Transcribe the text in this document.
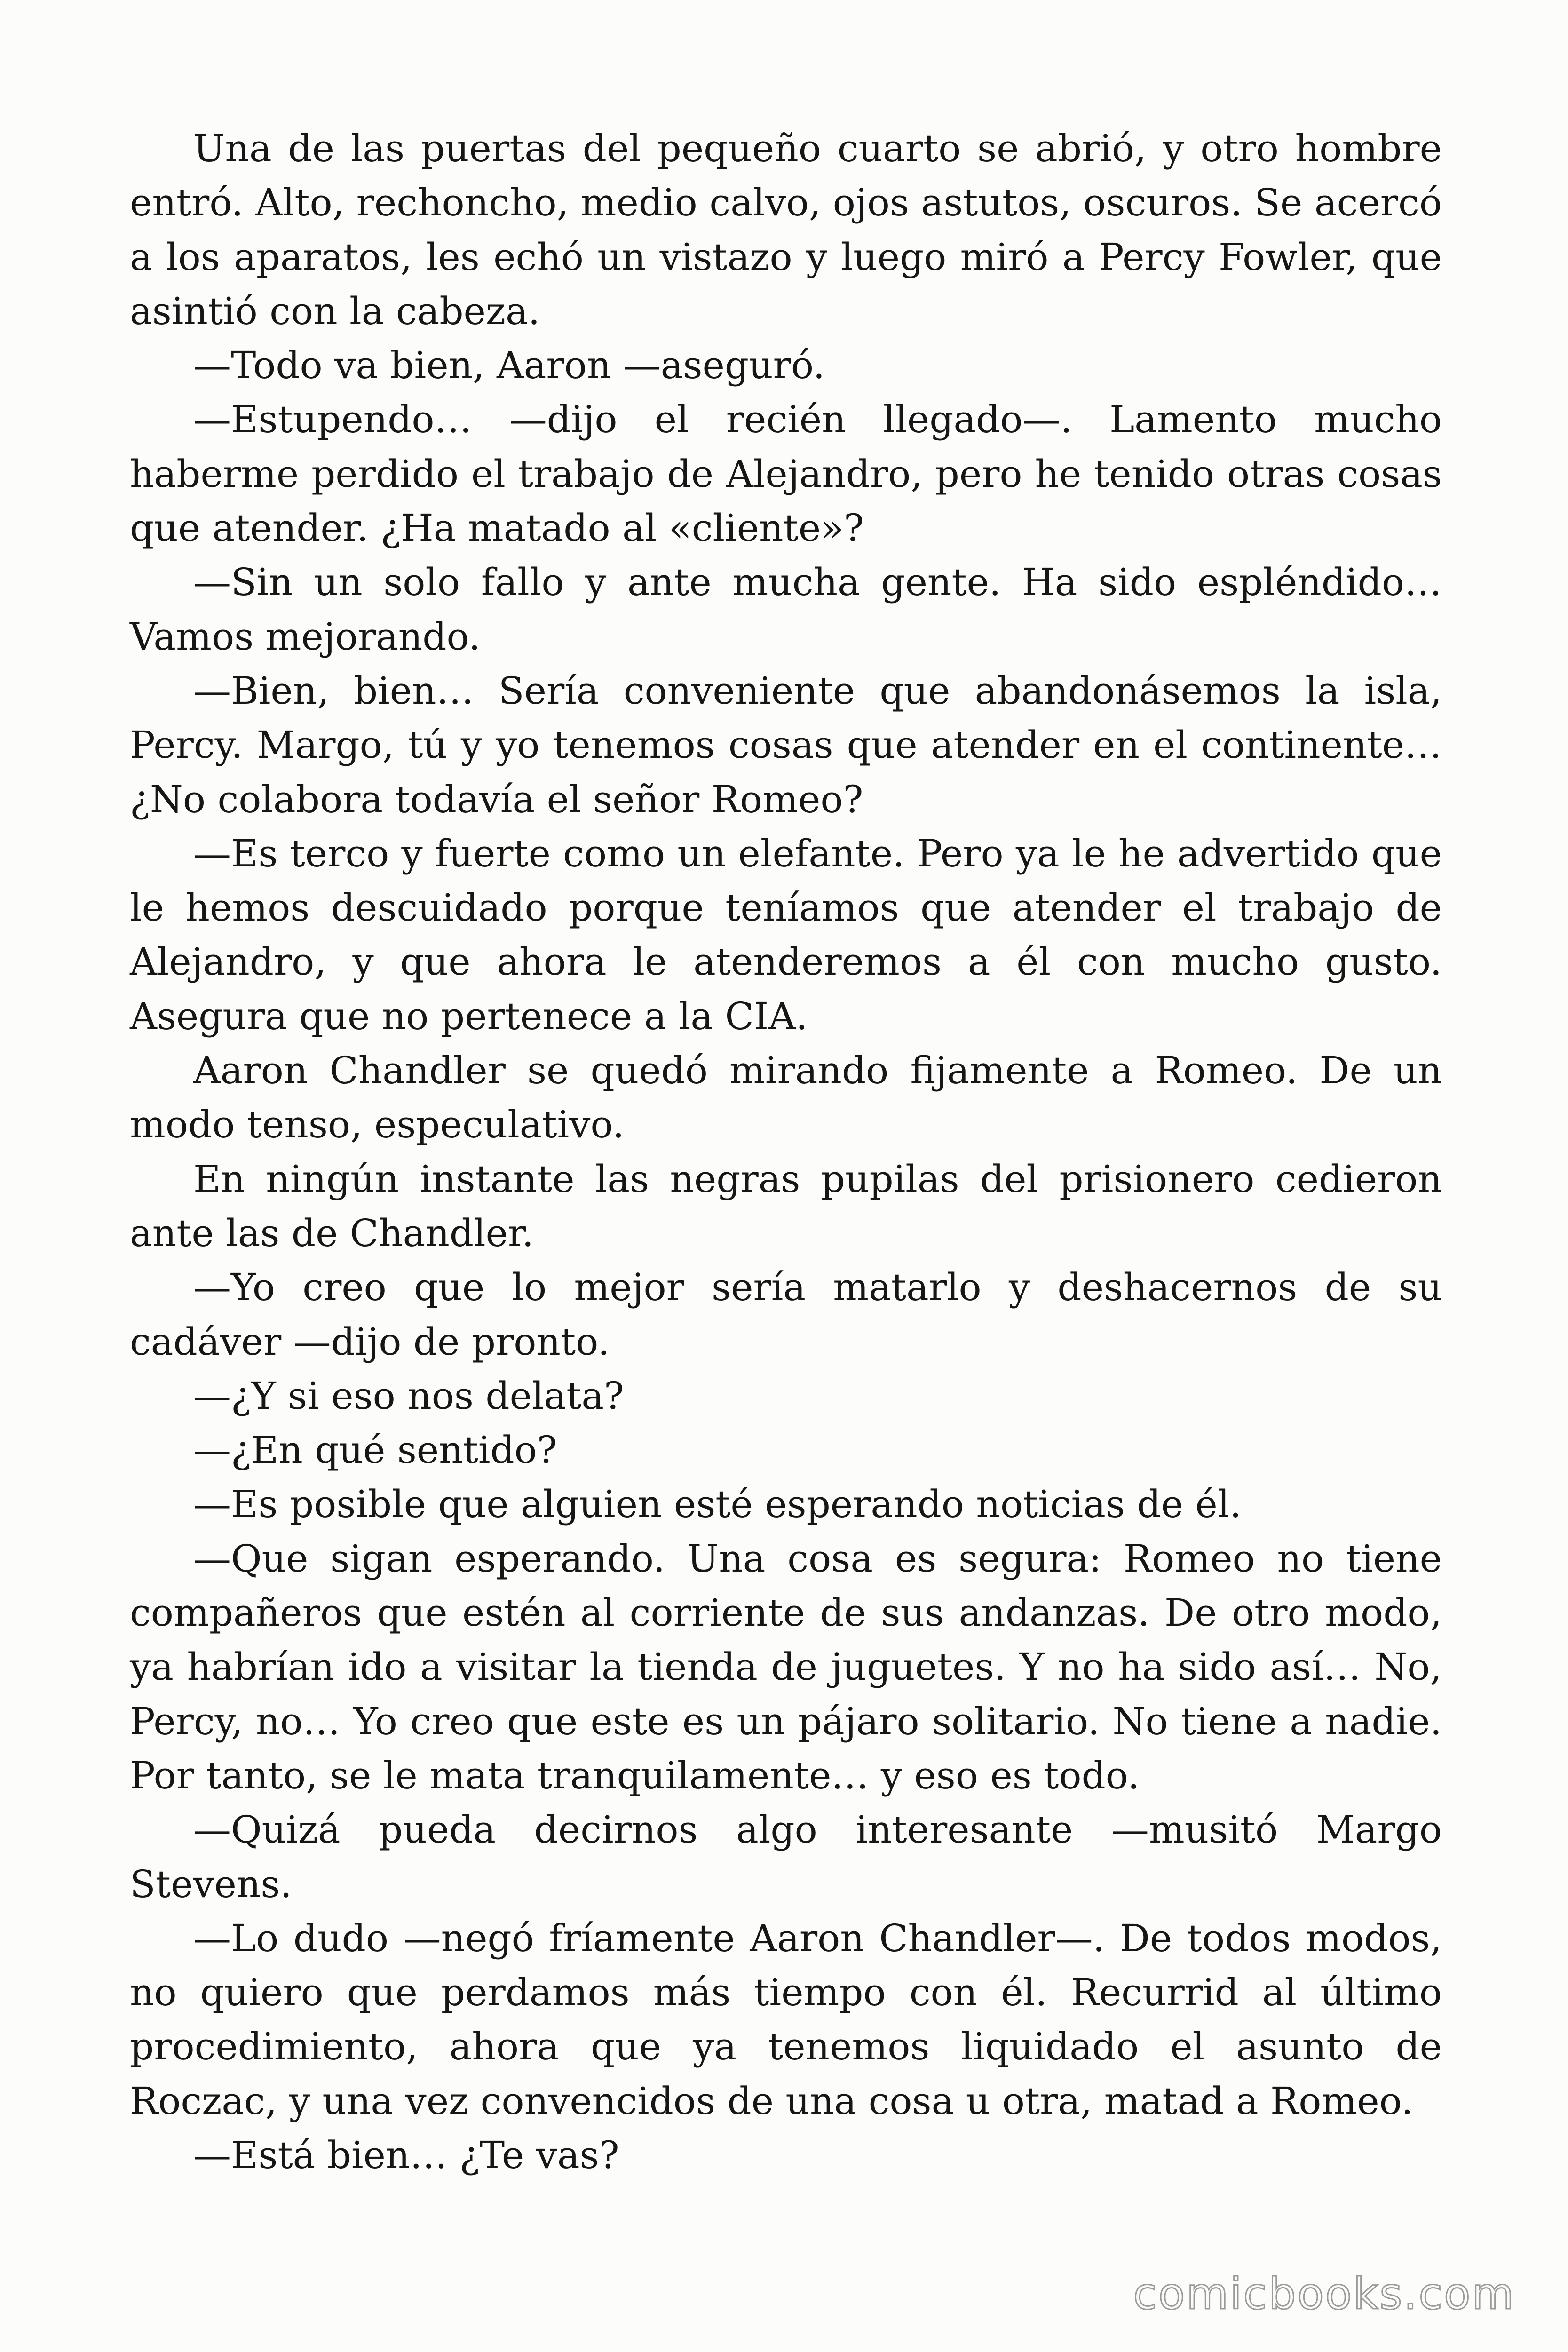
Una de las puertas del pequeño cuarto se abrió, y otro hombre entró. Alto, rechoncho, medio calvo, ojos astutos, oscuros. Se acercó a los aparatos, les echó un vistazo y luego miró a Percy Fowler, que asintió con la cabeza.

—Todo va bien, Aaron —aseguró.

—Estupendo… —dijo el recién llegado—. Lamento mucho haberme perdido el trabajo de Alejandro, pero he tenido otras cosas que atender. ¿Ha matado al «cliente»?

—Sin un solo fallo y ante mucha gente. Ha sido espléndido… Vamos mejorando.

—Bien, bien… Sería conveniente que abandonásemos la isla, Percy. Margo, tú y yo tenemos cosas que atender en el continente… ¿No colabora todavía el señor Romeo?

—Es terco y fuerte como un elefante. Pero ya le he advertido que le hemos descuidado porque teníamos que atender el trabajo de Alejandro, y que ahora le atenderemos a él con mucho gusto. Asegura que no pertenece a la CIA.

Aaron Chandler se quedó mirando fijamente a Romeo. De un modo tenso, especulativo.

En ningún instante las negras pupilas del prisionero cedieron ante las de Chandler.

—Yo creo que lo mejor sería matarlo y deshacernos de su cadáver —dijo de pronto.

—¿Y si eso nos delata?

—¿En qué sentido?

—Es posible que alguien esté esperando noticias de él.

—Que sigan esperando. Una cosa es segura: Romeo no tiene compañeros que estén al corriente de sus andanzas. De otro modo, ya habrían ido a visitar la tienda de juguetes. Y no ha sido así… No, Percy, no… Yo creo que este es un pájaro solitario. No tiene a nadie. Por tanto, se le mata tranquilamente… y eso es todo.

—Quizá pueda decirnos algo interesante —musitó Margo Stevens.

—Lo dudo —negó fríamente Aaron Chandler—. De todos modos, no quiero que perdamos más tiempo con él. Recurrid al último procedimiento, ahora que ya tenemos liquidado el asunto de Roczac, y una vez convencidos de una cosa u otra, matad a Romeo.

—Está bien… ¿Te vas?

comicbooks.com
